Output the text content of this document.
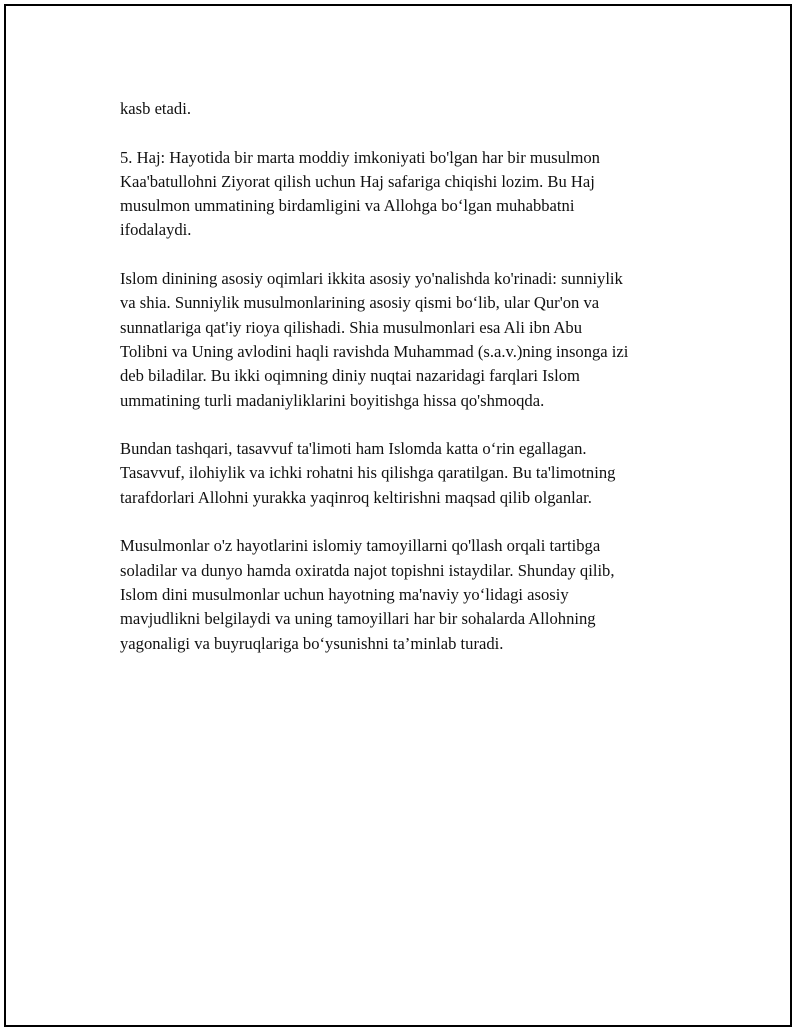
kasb etadi.

5. Haj: Hayotida bir marta moddiy imkoniyati bo'lgan har bir musulmon
Kaa'batullohni Ziyorat qilish uchun Haj safariga chiqishi lozim. Bu Haj
musulmon ummatining birdamligini va Allohga bo‘lgan muhabbatni
ifodalaydi.

Islom dinining asosiy oqimlari ikkita asosiy yo'nalishda ko'rinadi: sunniylik
va shia. Sunniylik musulmonlarining asosiy qismi bo‘lib, ular Qur'on va
sunnatlariga qat'iy rioya qilishadi. Shia musulmonlari esa Ali ibn Abu
Tolibni va Uning avlodini haqli ravishda Muhammad (s.a.v.)ning insonga izi
deb biladilar. Bu ikki oqimning diniy nuqtai nazaridagi farqlari Islom
ummatining turli madaniyliklarini boyitishga hissa qo'shmoqda.

Bundan tashqari, tasavvuf ta'limoti ham Islomda katta o‘rin egallagan.
Tasavvuf, ilohiylik va ichki rohatni his qilishga qaratilgan. Bu ta'limotning
tarafdorlari Allohni yurakka yaqinroq keltirishni maqsad qilib olganlar.

Musulmonlar o'z hayotlarini islomiy tamoyillarni qo'llash orqali tartibga
soladilar va dunyo hamda oxiratda najot topishni istaydilar. Shunday qilib,
Islom dini musulmonlar uchun hayotning ma'naviy yo‘lidagi asosiy
mavjudlikni belgilaydi va uning tamoyillari har bir sohalarda Allohning
yagonaligi va buyruqlariga bo‘ysunishni ta’minlab turadi.
